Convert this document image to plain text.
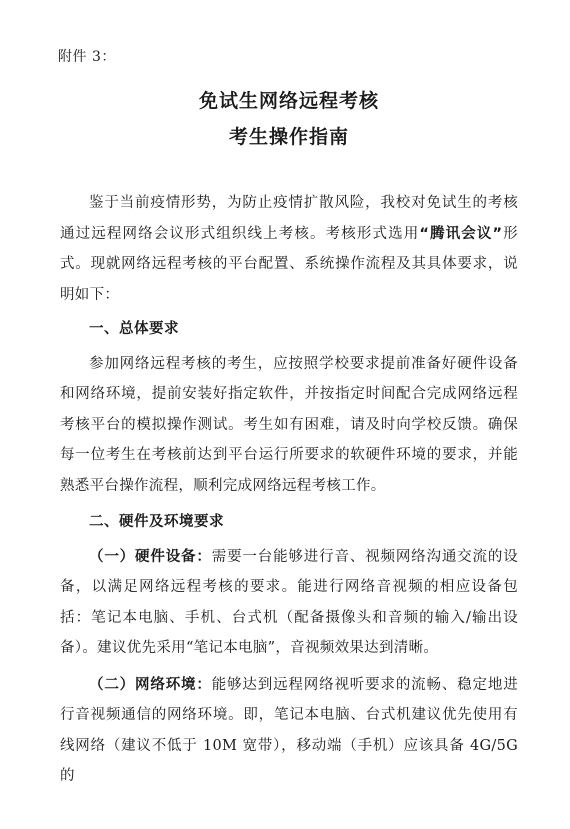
附件 3：
免试生网络远程考核
考生操作指南

鉴于当前疫情形势，为防止疫情扩散风险，我校对免试生的考核通过远程网络会议形式组织线上考核。考核形式选用“腾讯会议”形式。现就网络远程考核的平台配置、系统操作流程及其具体要求，说明如下：

一、总体要求

参加网络远程考核的考生，应按照学校要求提前准备好硬件设备和网络环境，提前安装好指定软件，并按指定时间配合完成网络远程考核平台的模拟操作测试。考生如有困难，请及时向学校反馈。确保每一位考生在考核前达到平台运行所要求的软硬件环境的要求，并能熟悉平台操作流程，顺利完成网络远程考核工作。

二、硬件及环境要求

（一）硬件设备：需要一台能够进行音、视频网络沟通交流的设备，以满足网络远程考核的要求。能进行网络音视频的相应设备包括：笔记本电脑、手机、台式机（配备摄像头和音频的输入/输出设备）。建议优先采用“笔记本电脑”，音视频效果达到清晰。

（二）网络环境：能够达到远程网络视听要求的流畅、稳定地进行音视频通信的网络环境。即，笔记本电脑、台式机建议优先使用有线网络（建议不低于 10M 宽带），移动端（手机）应该具备 4G/5G 的
